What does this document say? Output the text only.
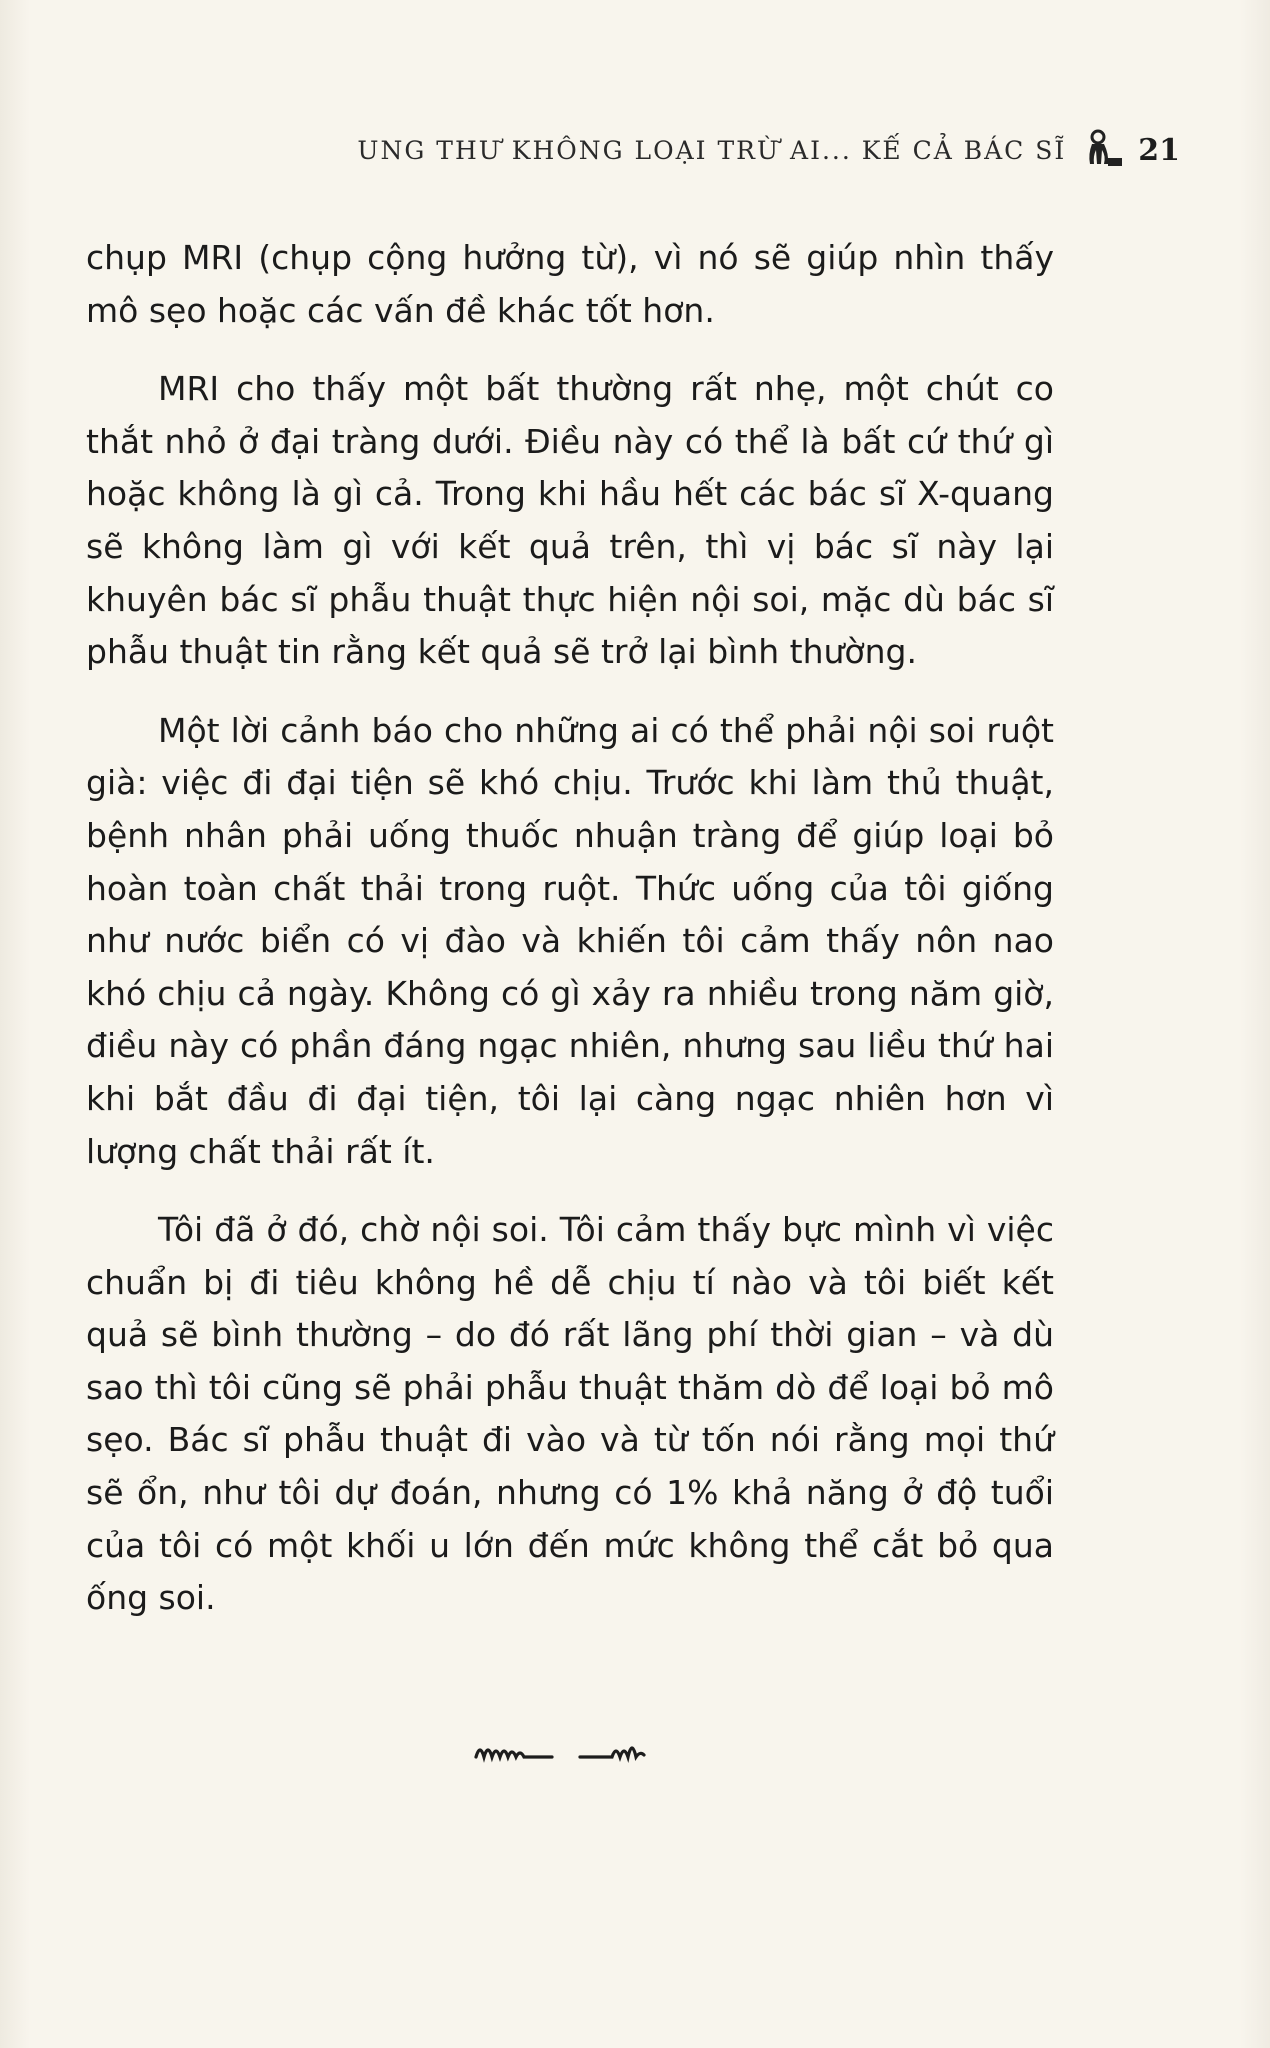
UNG THƯ KHÔNG LOẠI TRỪ AI... KẾ CẢ BÁC SĨ 21

chụp MRI (chụp cộng hưởng từ), vì nó sẽ giúp nhìn thấy mô sẹo hoặc các vấn đề khác tốt hơn.

MRI cho thấy một bất thường rất nhẹ, một chút co thắt nhỏ ở đại tràng dưới. Điều này có thể là bất cứ thứ gì hoặc không là gì cả. Trong khi hầu hết các bác sĩ X-quang sẽ không làm gì với kết quả trên, thì vị bác sĩ này lại khuyên bác sĩ phẫu thuật thực hiện nội soi, mặc dù bác sĩ phẫu thuật tin rằng kết quả sẽ trở lại bình thường.

Một lời cảnh báo cho những ai có thể phải nội soi ruột già: việc đi đại tiện sẽ khó chịu. Trước khi làm thủ thuật, bệnh nhân phải uống thuốc nhuận tràng để giúp loại bỏ hoàn toàn chất thải trong ruột. Thức uống của tôi giống như nước biển có vị đào và khiến tôi cảm thấy nôn nao khó chịu cả ngày. Không có gì xảy ra nhiều trong năm giờ, điều này có phần đáng ngạc nhiên, nhưng sau liều thứ hai khi bắt đầu đi đại tiện, tôi lại càng ngạc nhiên hơn vì lượng chất thải rất ít.

Tôi đã ở đó, chờ nội soi. Tôi cảm thấy bực mình vì việc chuẩn bị đi tiêu không hề dễ chịu tí nào và tôi biết kết quả sẽ bình thường – do đó rất lãng phí thời gian – và dù sao thì tôi cũng sẽ phải phẫu thuật thăm dò để loại bỏ mô sẹo. Bác sĩ phẫu thuật đi vào và từ tốn nói rằng mọi thứ sẽ ổn, như tôi dự đoán, nhưng có 1% khả năng ở độ tuổi của tôi có một khối u lớn đến mức không thể cắt bỏ qua ống soi.
